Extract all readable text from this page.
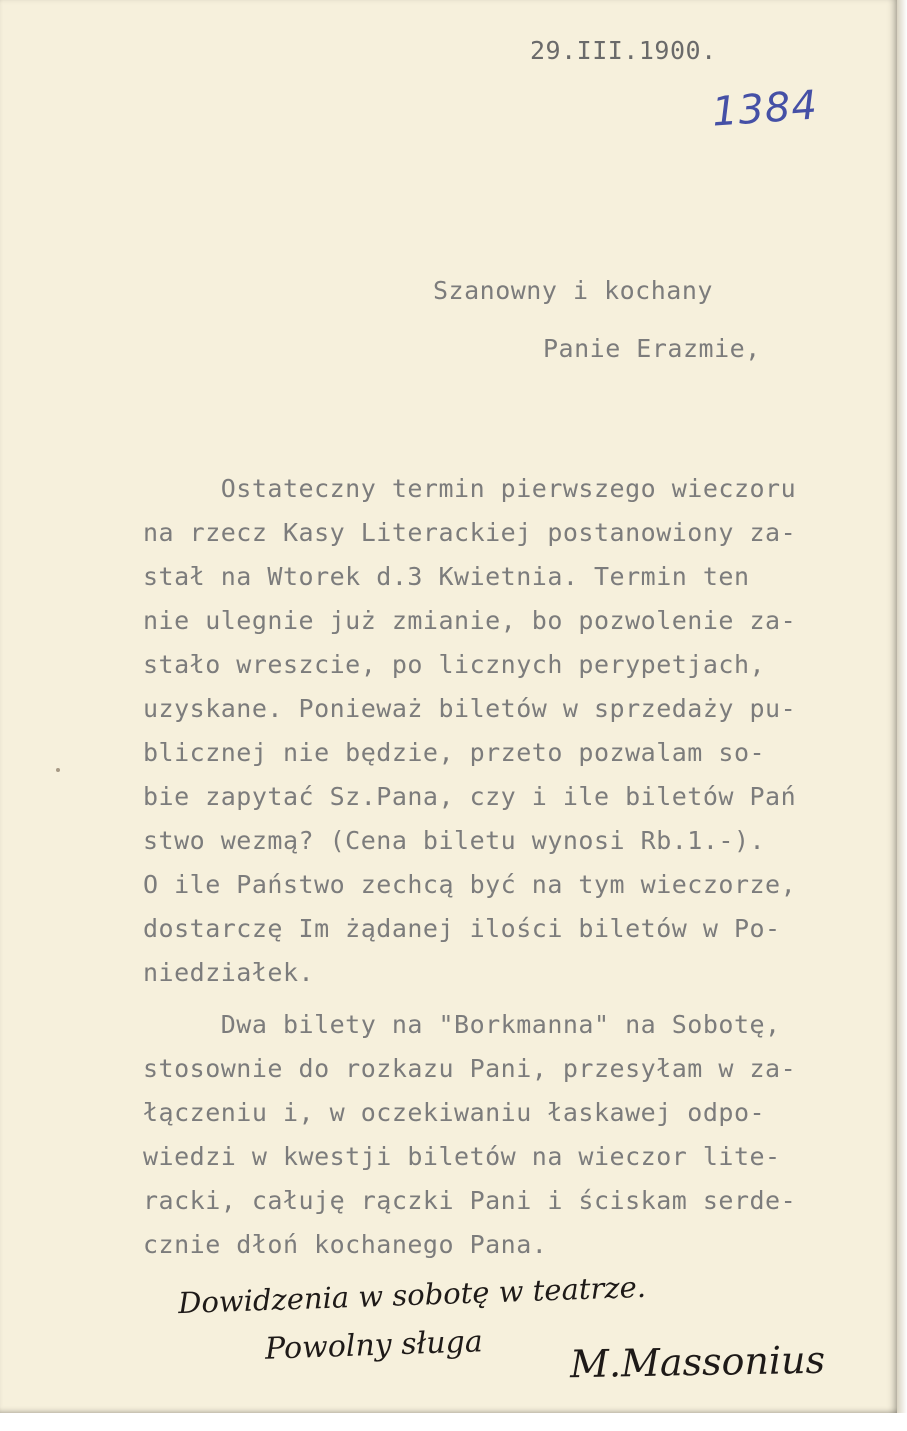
29.III.1900.
1384
Szanowny i kochany
Panie Erazmie,
Ostateczny termin pierwszego wieczoru
na rzecz Kasy Literackiej postanowiony za-
stał na Wtorek d.3 Kwietnia. Termin ten
nie ulegnie już zmianie, bo pozwolenie za-
stało wreszcie, po licznych perypetjach,
uzyskane. Ponieważ biletów w sprzedaży pu-
blicznej nie będzie, przeto pozwalam so-
bie zapytać Sz.Pana, czy i ile biletów Pań
stwo wezmą? (Cena biletu wynosi Rb.1.-).
O ile Państwo zechcą być na tym wieczorze,
dostarczę Im żądanej ilości biletów w Po-
niedziałek.
Dwa bilety na "Borkmanna" na Sobotę,
stosownie do rozkazu Pani, przesyłam w za-
łączeniu i, w oczekiwaniu łaskawej odpo-
wiedzi w kwestji biletów na wieczor lite-
racki, całuję rączki Pani i ściskam serde-
cznie dłoń kochanego Pana.
Dowidzenia w sobotę w teatrze.
Powolny sługa M.Massonius
